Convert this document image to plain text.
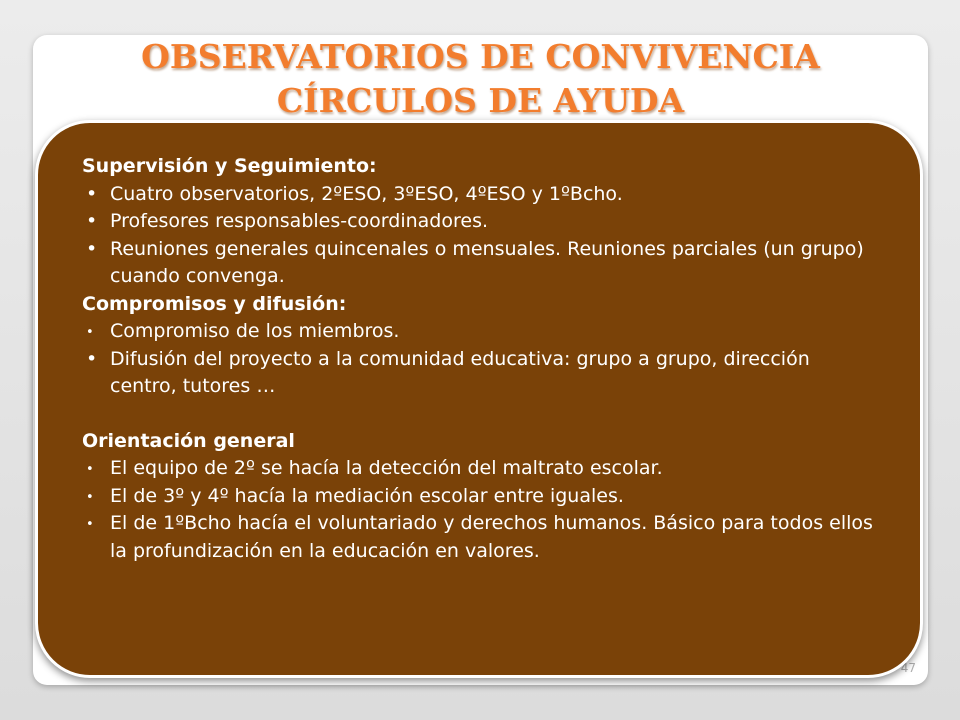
OBSERVATORIOS DE CONVIVENCIA
CÍRCULOS DE AYUDA
47

Supervisión y Seguimiento:

• Cuatro observatorios, 2ºESO, 3ºESO, 4ºESO y 1ºBcho.
• Profesores responsables-coordinadores.
• Reuniones generales quincenales o mensuales. Reuniones parciales (un grupo) cuando convenga.

Compromisos y difusión:

• Compromiso de los miembros.
• Difusión del proyecto a la comunidad educativa: grupo a grupo, dirección centro, tutores …

Orientación general

• El equipo de 2º se hacía la detección del maltrato escolar.
• El de 3º y 4º hacía la mediación escolar entre iguales.
• El de 1ºBcho hacía el voluntariado y derechos humanos. Básico para todos ellos la profundización en la educación en valores.
